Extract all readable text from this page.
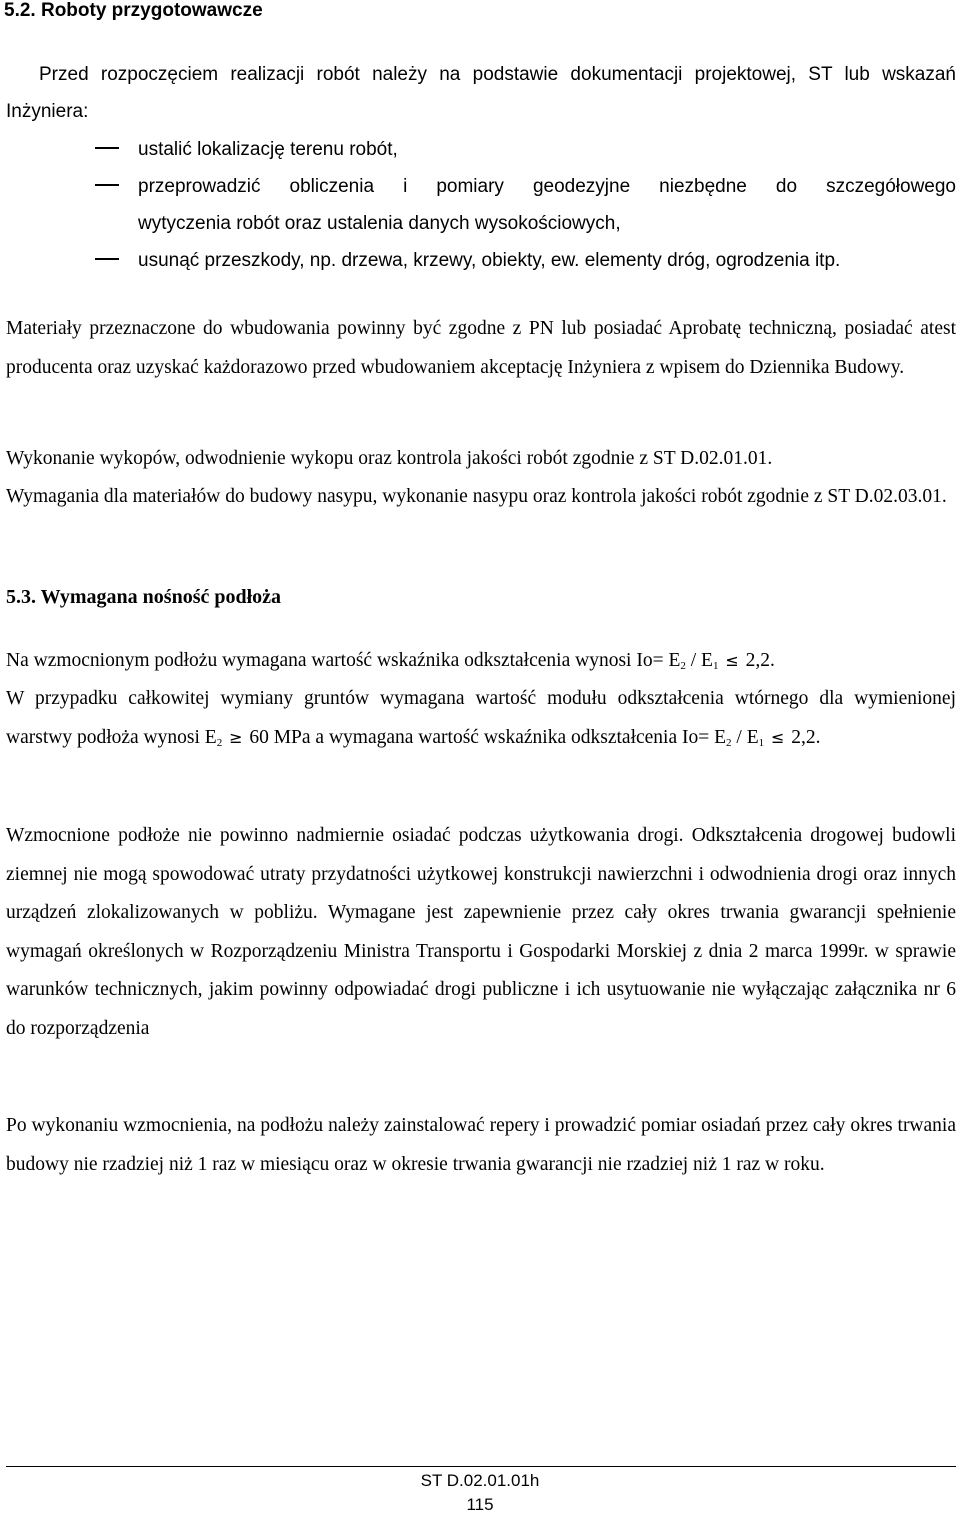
5.2. Roboty przygotowawcze

Przed rozpoczęciem realizacji robót należy na podstawie dokumentacji projektowej, ST lub wskazań Inżyniera:

ustalić lokalizację terenu robót,
przeprowadzić obliczenia i pomiary geodezyjne niezbędne do szczegółowego
wytyczenia robót oraz ustalenia danych wysokościowych,
usunąć przeszkody, np. drzewa, krzewy, obiekty, ew. elementy dróg, ogrodzenia itp.

Materiały przeznaczone do wbudowania powinny być zgodne z PN lub posiadać Aprobatę techniczną, posiadać atest producenta oraz uzyskać każdorazowo przed wbudowaniem akceptację Inżyniera z wpisem do Dziennika Budowy.

Wykonanie wykopów, odwodnienie wykopu oraz kontrola jakości robót zgodnie z ST D.02.01.01.

Wymagania dla materiałów do budowy nasypu, wykonanie nasypu oraz kontrola jakości robót zgodnie z ST D.02.03.01.

5.3. Wymagana nośność podłoża

Na wzmocnionym podłożu wymagana wartość wskaźnika odkształcenia wynosi $Io= E_2 / E_1 \le 2,2$.

W przypadku całkowitej wymiany gruntów wymagana wartość modułu odkształcenia wtórnego dla wymienionej warstwy podłoża wynosi $E_2 \ge 60$ MPa a wymagana wartość wskaźnika odkształcenia $Io= E_2 / E_1 \le 2,2$.

Wzmocnione podłoże nie powinno nadmiernie osiadać podczas użytkowania drogi. Odkształcenia drogowej budowli ziemnej nie mogą spowodować utraty przydatności użytkowej konstrukcji nawierzchni i odwodnienia drogi oraz innych urządzeń zlokalizowanych w pobliżu. Wymagane jest zapewnienie przez cały okres trwania gwarancji spełnienie wymagań określonych w Rozporządzeniu Ministra Transportu i Gospodarki Morskiej z dnia 2 marca 1999r. w sprawie warunków technicznych, jakim powinny odpowiadać drogi publiczne i ich usytuowanie nie wyłączając załącznika nr 6 do rozporządzenia

Po wykonaniu wzmocnienia, na podłożu należy zainstalować repery i prowadzić pomiar osiadań przez cały okres trwania budowy nie rzadziej niż 1 raz w miesiącu oraz w okresie trwania gwarancji nie rzadziej niż 1 raz w roku.

ST D.02.01.01h

115
